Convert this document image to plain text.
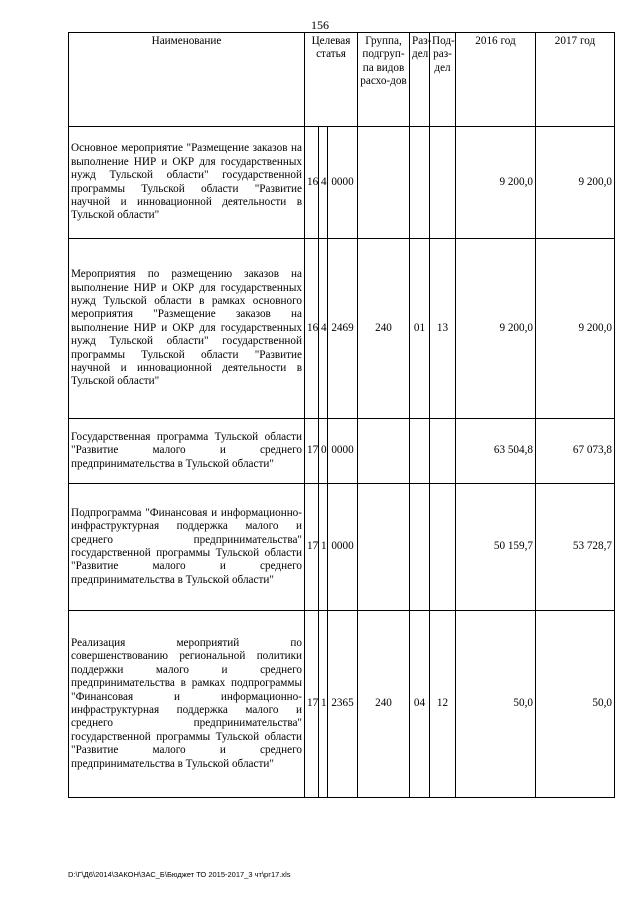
156
Наименование	Целевая статья			Группа, подгруп-па видов расхо-дов	Раз-дел	Под-раз-дел	2016 год	2017 год
Основное мероприятие "Размещение заказов на выполнение НИР и ОКР для государственных нужд Тульской области" государственной программы Тульской области "Развитие научной и инновационной деятельности в Тульской области"	16	4	0000				9 200,0	9 200,0
Мероприятия по размещению заказов на выполнение НИР и ОКР для государственных нужд Тульской области в рамках основного мероприятия "Размещение заказов на выполнение НИР и ОКР для государственных нужд Тульской области" государственной программы Тульской области "Развитие научной и инновационной деятельности в Тульской области"	16	4	2469	240	01	13	9 200,0	9 200,0
Государственная программа Тульской области "Развитие малого и среднего предпринимательства в Тульской области"	17	0	0000				63 504,8	67 073,8
Подпрограмма "Финансовая и информационно-инфраструктурная поддержка малого и среднего предпринимательства" государственной программы Тульской области "Развитие малого и среднего предпринимательства в Тульской области"	17	1	0000				50 159,7	53 728,7
Реализация мероприятий по совершенствованию региональной политики поддержки малого и среднего предпринимательства в рамках подпрограммы "Финансовая и информационно-инфраструктурная поддержка малого и среднего предпринимательства" государственной программы Тульской области "Развитие малого и среднего предпринимательства в Тульской области"	17	1	2365	240	04	12	50,0	50,0
D:\Г\Д6\2014\ЗАКОН\ЗАС_Б\Бюджет ТО 2015-2017_3 чт\рг17.xls
